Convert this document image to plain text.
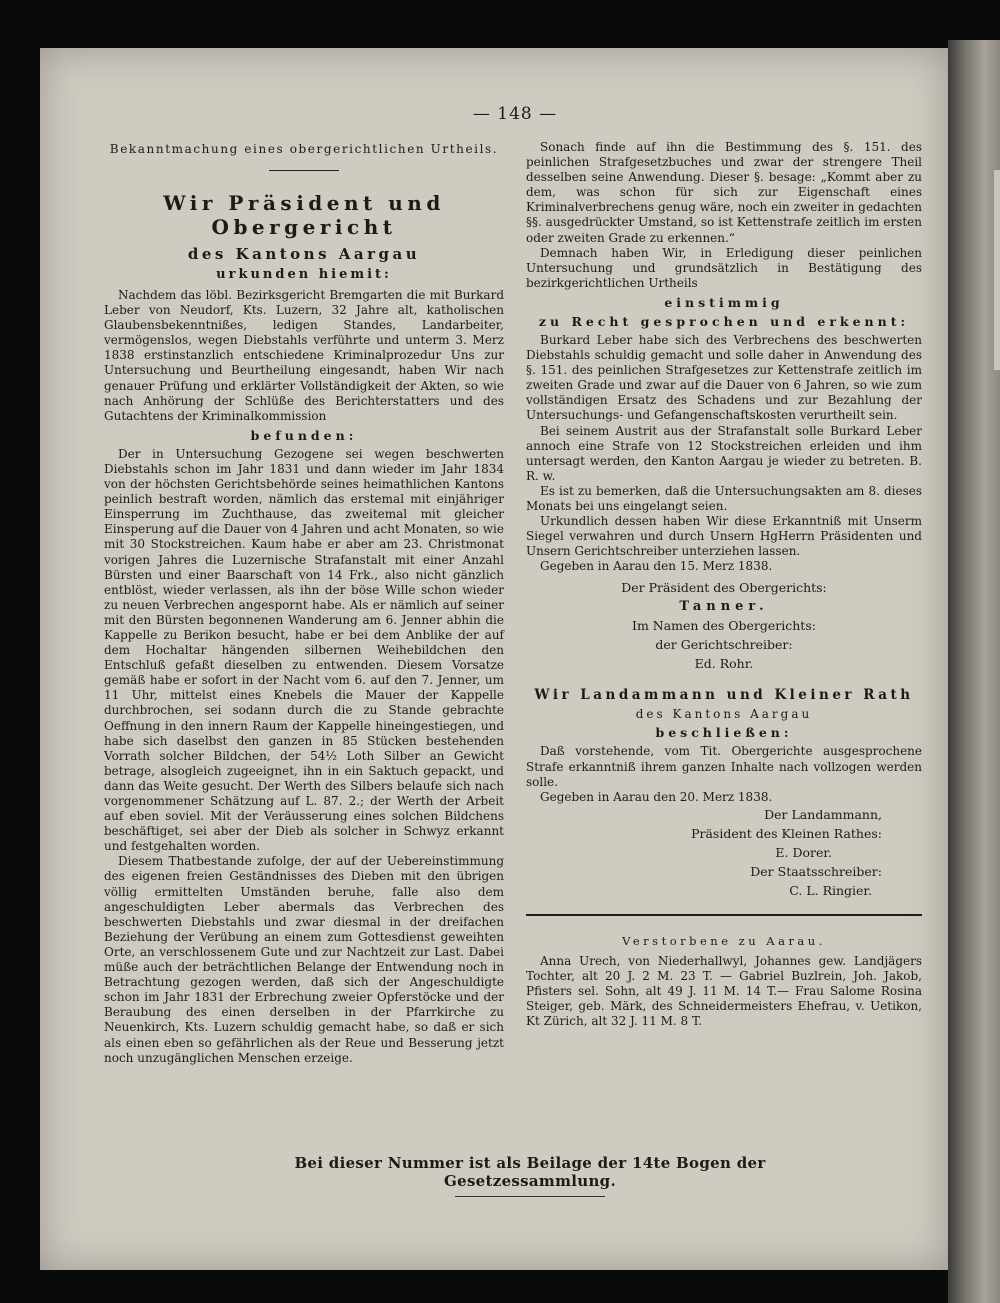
— 148 —

Bekanntmachung eines obergerichtlichen Urtheils.

Wir Präsident und Obergericht

des Kantons Aargau

urkunden hiemit:

Nachdem das löbl. Bezirksgericht Bremgarten die mit Burkard Leber von Neudorf, Kts. Luzern, 32 Jahre alt, katholischen Glaubensbekenntnißes, ledigen Standes, Landarbeiter, vermögenslos, wegen Diebstahls verführte und unterm 3. Merz 1838 erstinstanzlich entschiedene Kriminalprozedur Uns zur Untersuchung und Beurtheilung eingesandt, haben Wir nach genauer Prüfung und erklärter Vollständigkeit der Akten, so wie nach Anhörung der Schlüße des Berichterstatters und des Gutachtens der Kriminalkommission

befunden:

Der in Untersuchung Gezogene sei wegen beschwerten Diebstahls schon im Jahr 1831 und dann wieder im Jahr 1834 von der höchsten Gerichtsbehörde seines heimathlichen Kantons peinlich bestraft worden, nämlich das erstemal mit einjähriger Einsperrung im Zuchthause, das zweitemal mit gleicher Einsperung auf die Dauer von 4 Jahren und acht Monaten, so wie mit 30 Stockstreichen. Kaum habe er aber am 23. Christmonat vorigen Jahres die Luzernische Strafanstalt mit einer Anzahl Bürsten und einer Baarschaft von 14 Frk., also nicht gänzlich entblöst, wieder verlassen, als ihn der böse Wille schon wieder zu neuen Verbrechen angespornt habe. Als er nämlich auf seiner mit den Bürsten begonnenen Wanderung am 6. Jenner abhin die Kappelle zu Berikon besucht, habe er bei dem Anblike der auf dem Hochaltar hängenden silbernen Weihebildchen den Entschluß gefaßt dieselben zu entwenden. Diesem Vorsatze gemäß habe er sofort in der Nacht vom 6. auf den 7. Jenner, um 11 Uhr, mittelst eines Knebels die Mauer der Kappelle durchbrochen, sei sodann durch die zu Stande gebrachte Oeffnung in den innern Raum der Kappelle hineingestiegen, und habe sich daselbst den ganzen in 85 Stücken bestehenden Vorrath solcher Bildchen, der 54½ Loth Silber an Gewicht betrage, alsogleich zugeeignet, ihn in ein Saktuch gepackt, und dann das Weite gesucht. Der Werth des Silbers belaufe sich nach vorgenommener Schätzung auf L. 87. 2.; der Werth der Arbeit auf eben soviel. Mit der Veräusserung eines solchen Bildchens beschäftiget, sei aber der Dieb als solcher in Schwyz erkannt und festgehalten worden.

Diesem Thatbestande zufolge, der auf der Uebereinstimmung des eigenen freien Geständnisses des Dieben mit den übrigen völlig ermittelten Umständen beruhe, falle also dem angeschuldigten Leber abermals das Verbrechen des beschwerten Diebstahls und zwar diesmal in der dreifachen Beziehung der Verübung an einem zum Gottesdienst geweihten Orte, an verschlossenem Gute und zur Nachtzeit zur Last. Dabei müße auch der beträchtlichen Belange der Entwendung noch in Betrachtung gezogen werden, daß sich der Angeschuldigte schon im Jahr 1831 der Erbrechung zweier Opferstöcke und der Beraubung des einen derselben in der Pfarrkirche zu Neuenkirch, Kts. Luzern schuldig gemacht habe, so daß er sich als einen eben so gefährlichen als der Reue und Besserung jetzt noch unzugänglichen Menschen erzeige.

Sonach finde auf ihn die Bestimmung des §. 151. des peinlichen Strafgesetzbuches und zwar der strengere Theil desselben seine Anwendung. Dieser §. besage: „Kommt aber zu dem, was schon für sich zur Eigenschaft eines Kriminalverbrechens genug wäre, noch ein zweiter in gedachten §§. ausgedrückter Umstand, so ist Kettenstrafe zeitlich im ersten oder zweiten Grade zu erkennen.“

Demnach haben Wir, in Erledigung dieser peinlichen Untersuchung und grundsätzlich in Bestätigung des bezirkgerichtlichen Urtheils

einstimmig

zu Recht gesprochen und erkennt:

Burkard Leber habe sich des Verbrechens des beschwerten Diebstahls schuldig gemacht und solle daher in Anwendung des §. 151. des peinlichen Strafgesetzes zur Kettenstrafe zeitlich im zweiten Grade und zwar auf die Dauer von 6 Jahren, so wie zum vollständigen Ersatz des Schadens und zur Bezahlung der Untersuchungs- und Gefangenschaftskosten verurtheilt sein.

Bei seinem Austrit aus der Strafanstalt solle Burkard Leber annoch eine Strafe von 12 Stockstreichen erleiden und ihm untersagt werden, den Kanton Aargau je wieder zu betreten. B. R. w.

Es ist zu bemerken, daß die Untersuchungsakten am 8. dieses Monats bei uns eingelangt seien.

Urkundlich dessen haben Wir diese Erkanntniß mit Unserm Siegel verwahren und durch Unsern HgHerrn Präsidenten und Unsern Gerichtschreiber unterziehen lassen.

Gegeben in Aarau den 15. Merz 1838.

Der Präsident des Obergerichts:
Tanner.
Im Namen des Obergerichts:
der Gerichtschreiber:
Ed. Rohr.

Wir Landammann und Kleiner Rath

des Kantons Aargau

beschließen:

Daß vorstehende, vom Tit. Obergerichte ausgesprochene Strafe erkanntniß ihrem ganzen Inhalte nach vollzogen werden solle.

Gegeben in Aarau den 20. Merz 1838.

Der Landammann,
Präsident des Kleinen Rathes:
E. Dorer.
Der Staatsschreiber:
C. L. Ringier.

Verstorbene zu Aarau.

Anna Urech, von Niederhallwyl, Johannes gew. Landjägers Tochter, alt 20 J. 2 M. 23 T. — Gabriel Buzlrein, Joh. Jakob, Pfisters sel. Sohn, alt 49 J. 11 M. 14 T.— Frau Salome Rosina Steiger, geb. Märk, des Schneidermeisters Ehefrau, v. Uetikon, Kt Zürich, alt 32 J. 11 M. 8 T.

Bei dieser Nummer ist als Beilage der 14te Bogen der Gesetzessammlung.
